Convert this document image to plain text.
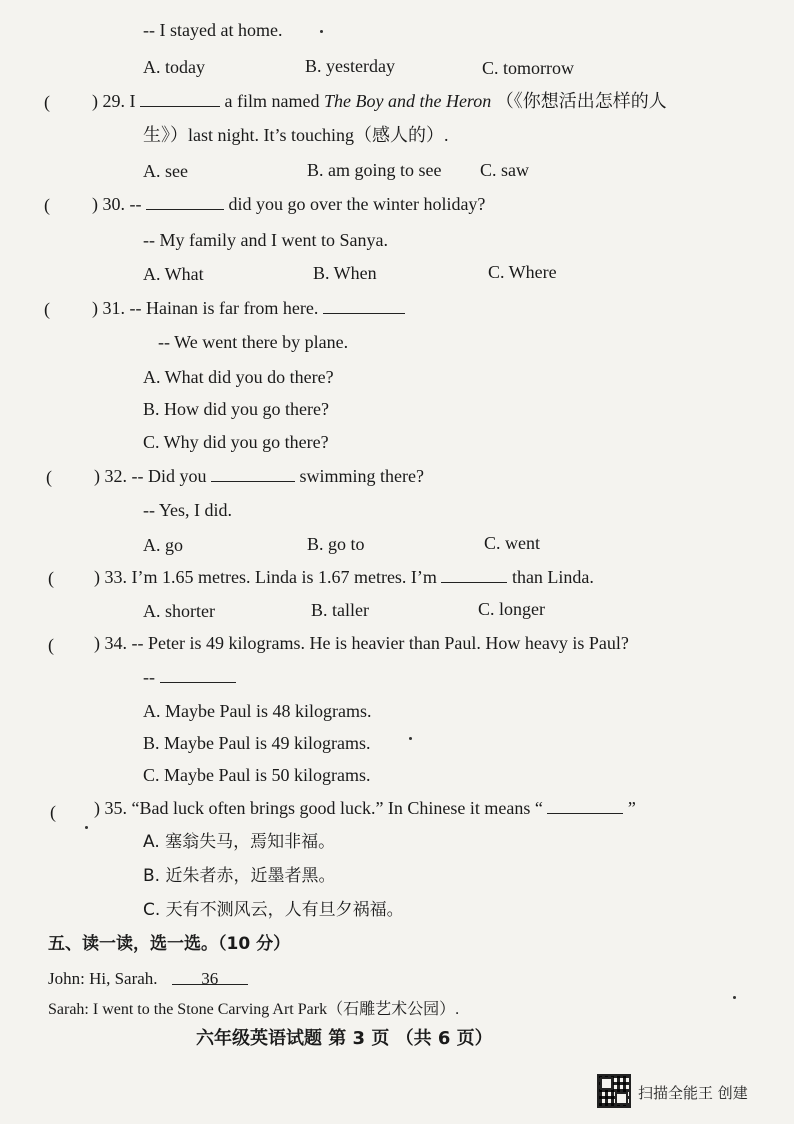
-- I stayed at home.
A. today	B. yesterday	C. tomorrow
( ) 29. I	a film named The Boy and the Heron （《你想活出怎样的人
生》）last night. It’s touching（感人的）.
A. see	B. am going to see C. saw
( ) 30. --	did you go over the winter holiday?
-- My family and I went to Sanya.
A. What	B. When	C. Where
( ) 31. -- Hainan is far from here.
-- We went there by plane.
A. What did you do there?
B. How did you go there?
C. Why did you go there?
( ) 32. -- Did you	swimming there?
-- Yes, I did.
A. go	B. go to	C. went
( ) 33. I’m 1.65 metres. Linda is 1.67 metres. I’m	than Linda.
A. shorter	B. taller	C. longer
( ) 34. -- Peter is 49 kilograms. He is heavier than Paul. How heavy is Paul?
--
A. Maybe Paul is 48 kilograms.
B. Maybe Paul is 49 kilograms.
C. Maybe Paul is 50 kilograms.
( ) 35. “Bad luck often brings good luck.” In Chinese it means “	”
A. 塞翁失马，焉知非福。
B. 近朱者赤，近墨者黑。
C. 天有不测风云，人有旦夕祸福。
五、读一读，选一选。（10 分）
John: Hi, Sarah.	36
Sarah: I went to the Stone Carving Art Park（石雕艺术公园）.
六年级英语试题 第 3 页 （共 6 页）
扫描全能王 创建
